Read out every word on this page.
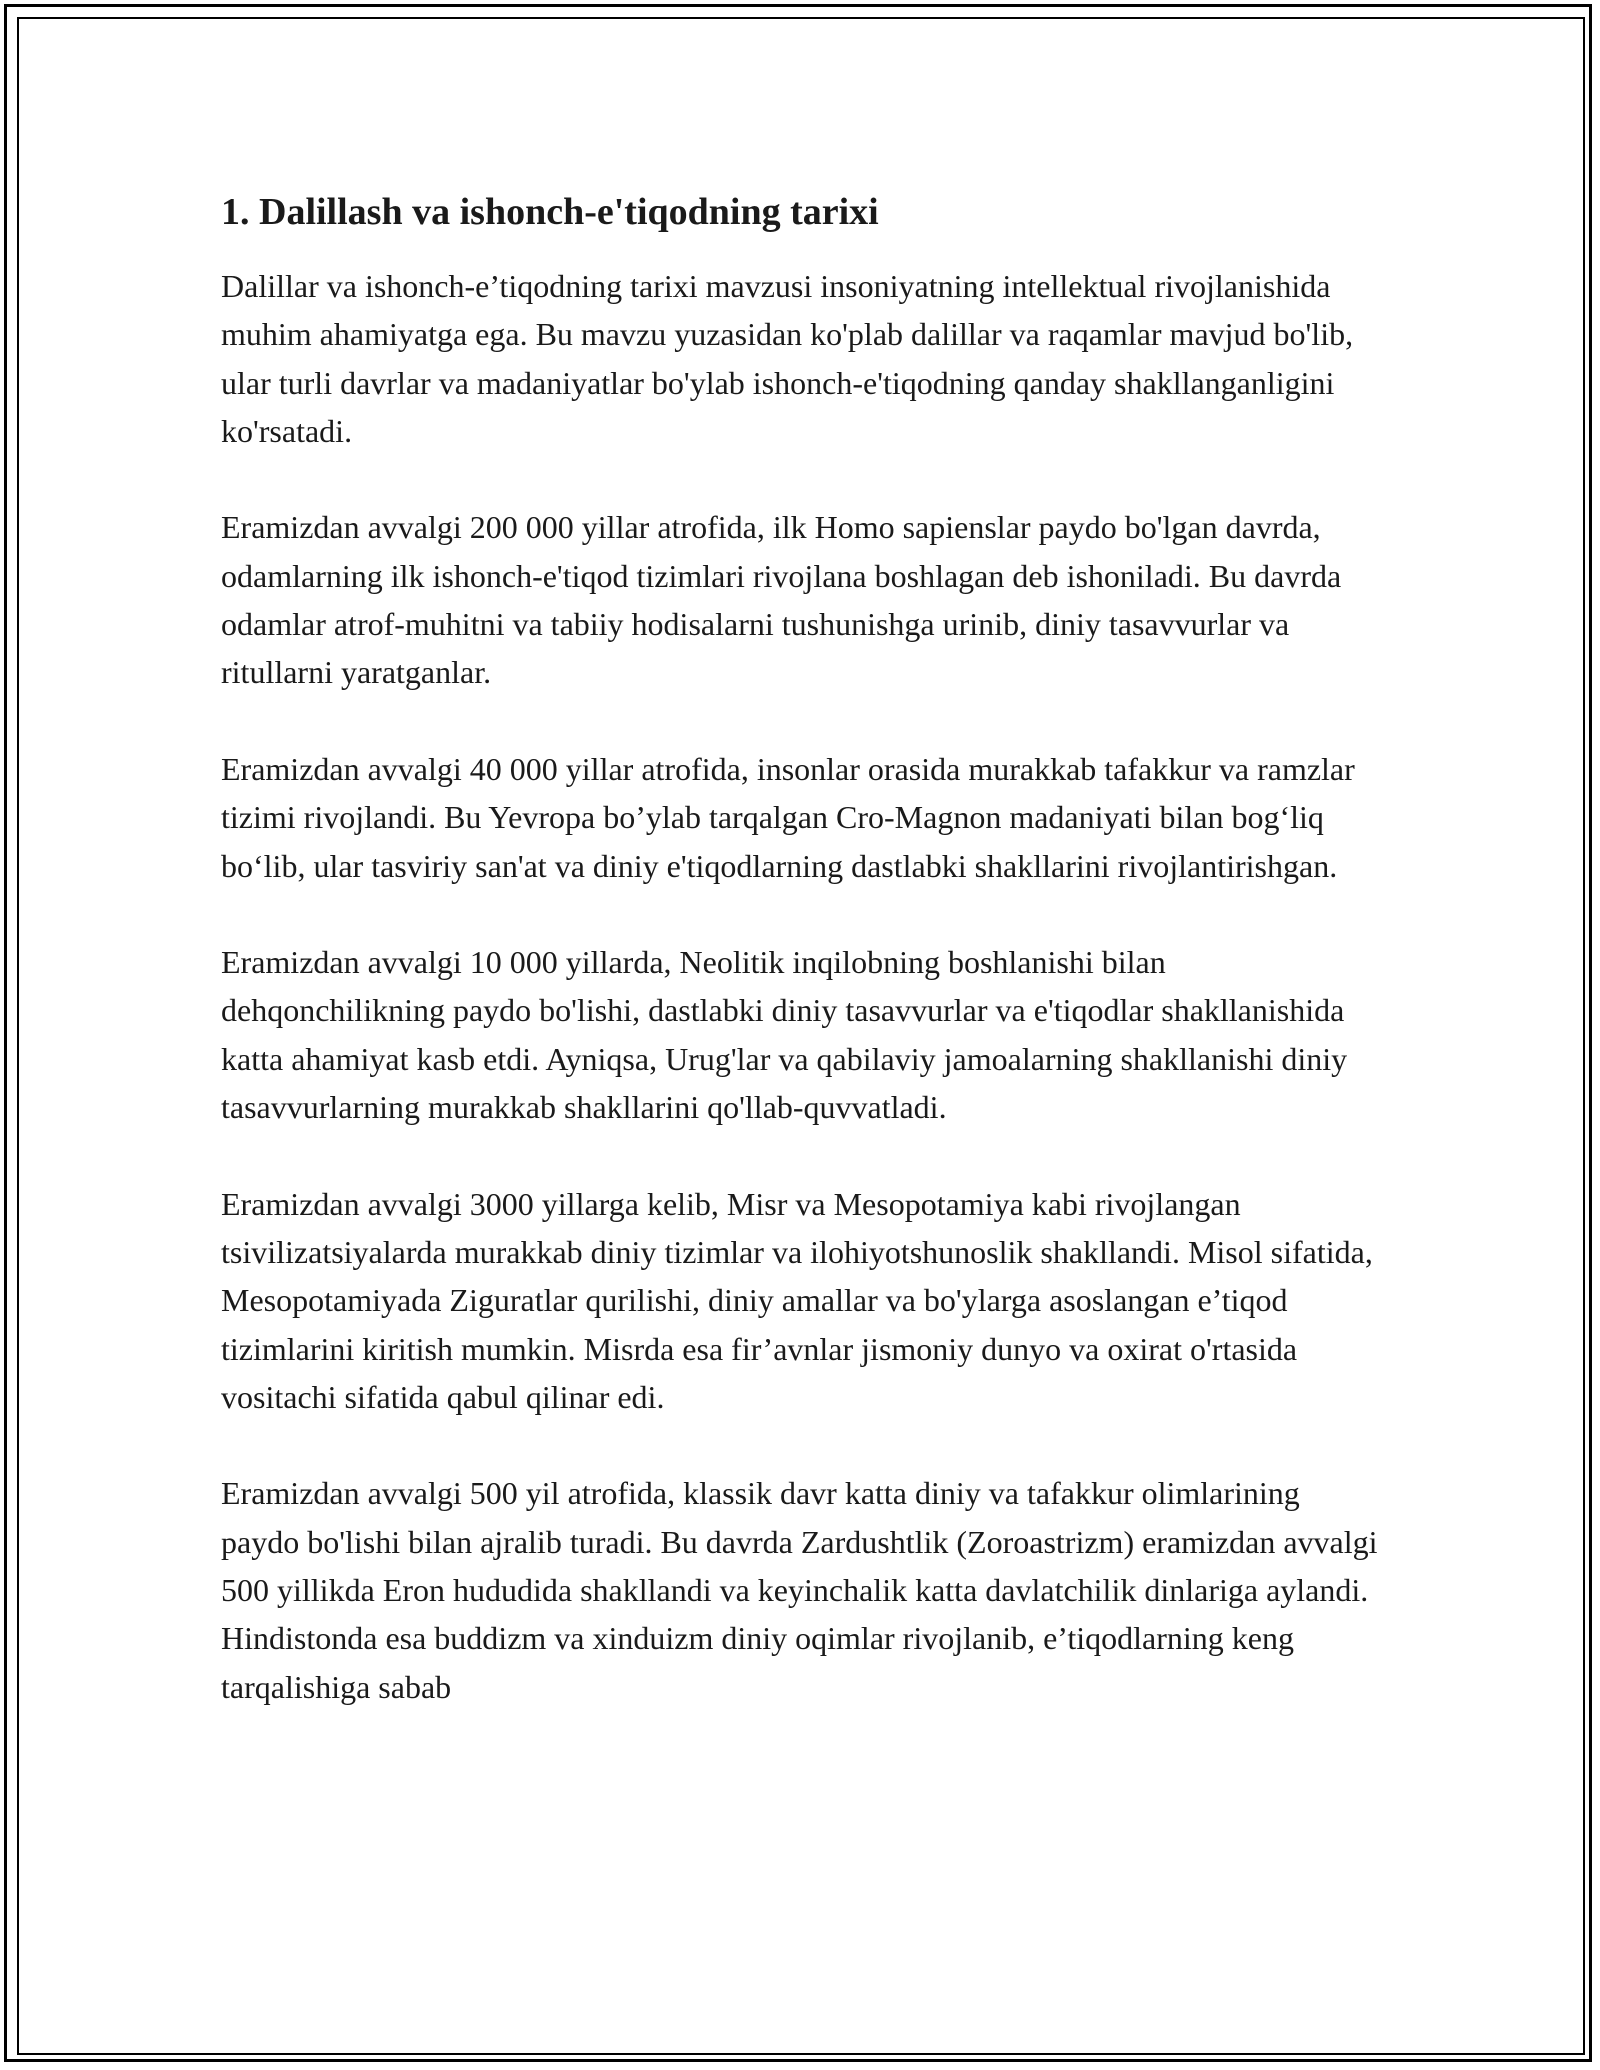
1. Dalillash va ishonch-e'tiqodning tarixi

Dalillar va ishonch-e’tiqodning tarixi mavzusi insoniyatning intellektual rivojlanishida muhim ahamiyatga ega. Bu mavzu yuzasidan ko'plab dalillar va raqamlar mavjud bo'lib, ular turli davrlar va madaniyatlar bo'ylab ishonch-e'tiqodning qanday shakllanganligini ko'rsatadi.

Eramizdan avvalgi 200 000 yillar atrofida, ilk Homo sapienslar paydo bo'lgan davrda, odamlarning ilk ishonch-e'tiqod tizimlari rivojlana boshlagan deb ishoniladi. Bu davrda odamlar atrof-muhitni va tabiiy hodisalarni tushunishga urinib, diniy tasavvurlar va ritullarni yaratganlar.

Eramizdan avvalgi 40 000 yillar atrofida, insonlar orasida murakkab tafakkur va ramzlar tizimi rivojlandi. Bu Yevropa bo’ylab tarqalgan Cro-Magnon madaniyati bilan bog‘liq bo‘lib, ular tasviriy san'at va diniy e'tiqodlarning dastlabki shakllarini rivojlantirishgan.

Eramizdan avvalgi 10 000 yillarda, Neolitik inqilobning boshlanishi bilan dehqonchilikning paydo bo'lishi, dastlabki diniy tasavvurlar va e'tiqodlar shakllanishida katta ahamiyat kasb etdi. Ayniqsa, Urug'lar va qabilaviy jamoalarning shakllanishi diniy tasavvurlarning murakkab shakllarini qo'llab-quvvatladi.

Eramizdan avvalgi 3000 yillarga kelib, Misr va Mesopotamiya kabi rivojlangan tsivilizatsiyalarda murakkab diniy tizimlar va ilohiyotshunoslik shakllandi. Misol sifatida, Mesopotamiyada Ziguratlar qurilishi, diniy amallar va bo'ylarga asoslangan e’tiqod tizimlarini kiritish mumkin. Misrda esa fir’avnlar jismoniy dunyo va oxirat o'rtasida vositachi sifatida qabul qilinar edi.

Eramizdan avvalgi 500 yil atrofida, klassik davr katta diniy va tafakkur olimlarining paydo bo'lishi bilan ajralib turadi. Bu davrda Zardushtlik (Zoroastrizm) eramizdan avvalgi 500 yillikda Eron hududida shakllandi va keyinchalik katta davlatchilik dinlariga aylandi. Hindistonda esa buddizm va xinduizm diniy oqimlar rivojlanib, e’tiqodlarning keng tarqalishiga sabab
